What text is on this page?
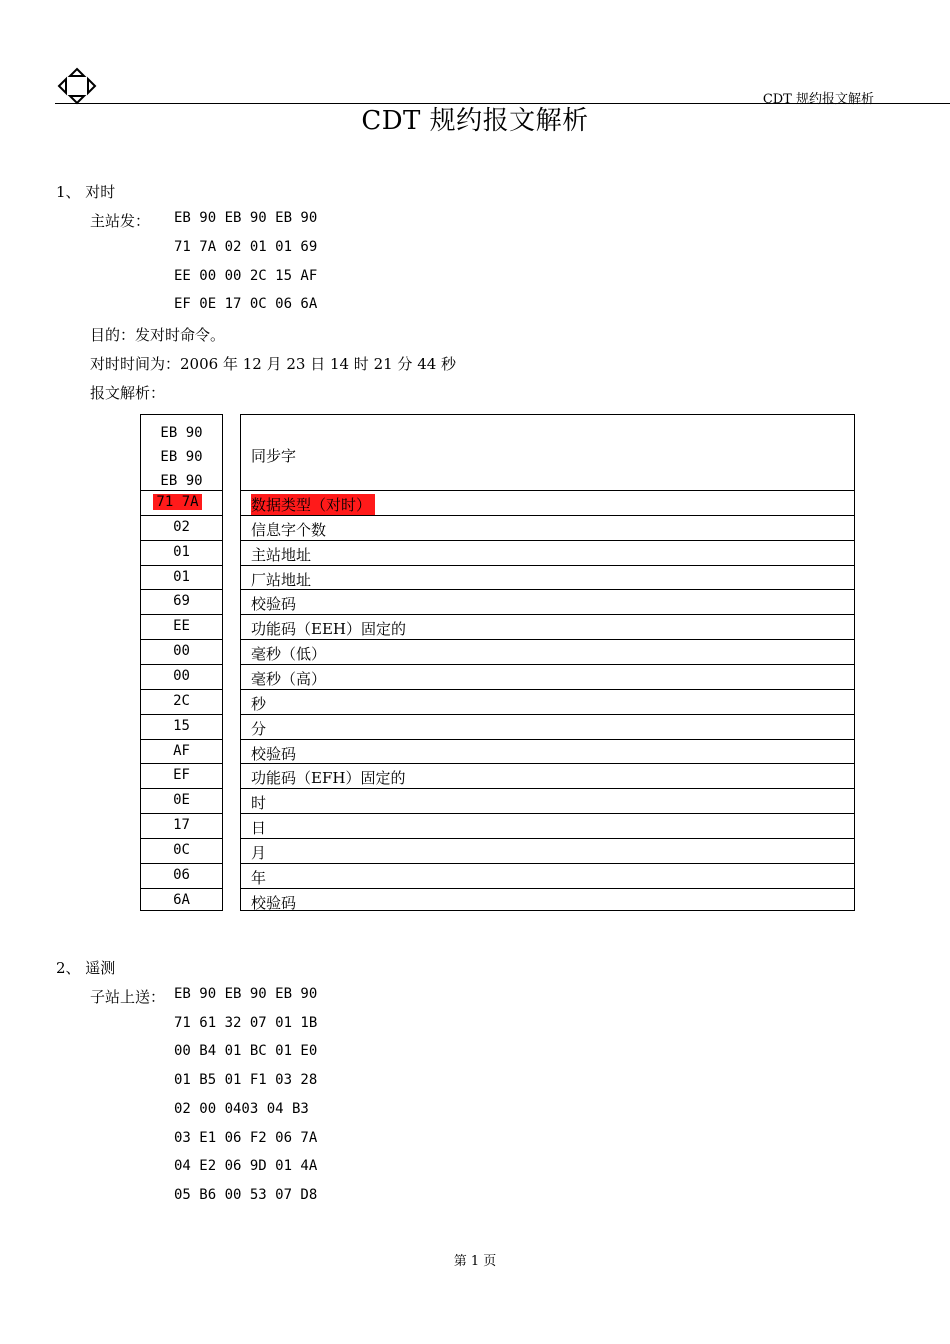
CDT 规约报文解析
CDT 规约报文解析
1、 对时
主站发： EB 90 EB 90 EB 90
71 7A 02 01 01 69
EE 00 00 2C 15 AF
EF 0E 17 0C 06 6A
目的：发对时命令。
对时时间为：2006 年 12 月 23 日 14 时 21 分 44 秒
报文解析：
EB 90
EB 90
EB 90
71 7A
02
01
01
69
EE
00
00
2C
15
AF
EF
0E
17
0C
06
6A
同步字
数据类型（对时）
信息字个数
主站地址
厂站地址
校验码
功能码（EEH）固定的
毫秒（低）
毫秒（高）
秒
分
校验码
功能码（EFH）固定的
时
日
月
年
校验码
2、 遥测
子站上送： EB 90 EB 90 EB 90
71 61 32 07 01 1B
00 B4 01 BC 01 E0
01 B5 01 F1 03 28
02 00 0403 04 B3
03 E1 06 F2 06 7A
04 E2 06 9D 01 4A
05 B6 00 53 07 D8
第 1 页
